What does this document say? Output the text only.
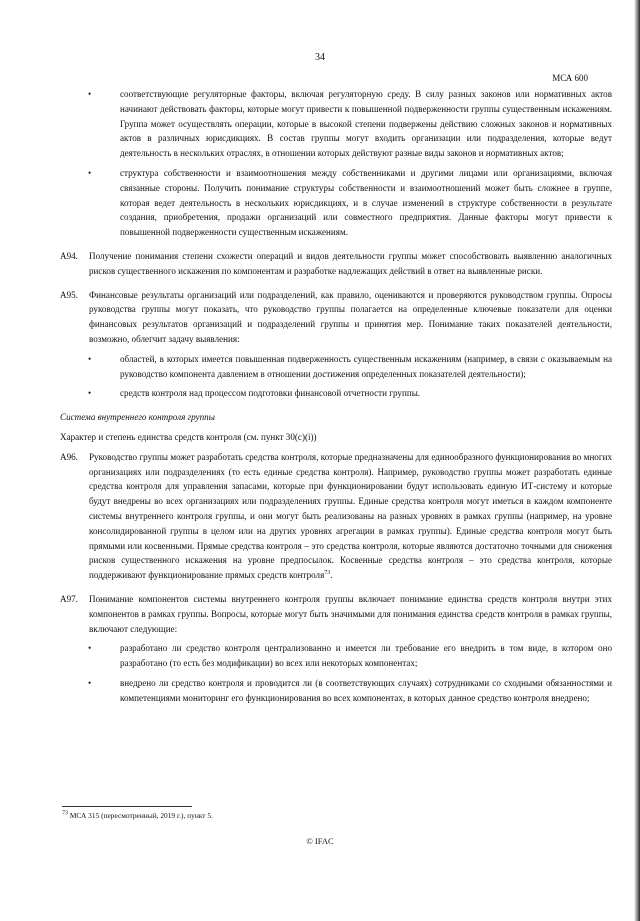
34
МСА 600
•	соответствующие регуляторные факторы, включая регуляторную среду. В силу разных законов или нормативных актов начинают действовать факторы, которые могут привести к повышенной подверженности группы существенным искажениям. Группа может осуществлять операции, которые в высокой степени подвержены действию сложных законов и нормативных актов в различных юрисдикциях. В состав группы могут входить организации или подразделения, которые ведут деятельность в нескольких отраслях, в отношении которых действуют разные виды законов и нормативных актов;
•	структура собственности и взаимоотношения между собственниками и другими лицами или организациями, включая связанные стороны. Получить понимание структуры собственности и взаимоотношений может быть сложнее в группе, которая ведет деятельность в нескольких юрисдикциях, и в случае изменений в структуре собственности в результате создания, приобретения, продажи организаций или совместного предприятия. Данные факторы могут привести к повышенной подверженности существенным искажениям.
А94. Получение понимания степени схожести операций и видов деятельности группы может способствовать выявлению аналогичных рисков существенного искажения по компонентам и разработке надлежащих действий в ответ на выявленные риски.
А95. Финансовые результаты организаций или подразделений, как правило, оцениваются и проверяются руководством группы. Опросы руководства группы могут показать, что руководство группы полагается на определенные ключевые показатели для оценки финансовых результатов организаций и подразделений группы и принятия мер. Понимание таких показателей деятельности, возможно, облегчит задачу выявления:
•	областей, в которых имеется повышенная подверженность существенным искажениям (например, в связи с оказываемым на руководство компонента давлением в отношении достижения определенных показателей деятельности);
•	средств контроля над процессом подготовки финансовой отчетности группы.
Система внутреннего контроля группы
Характер и степень единства средств контроля (см. пункт 30(c)(i))
А96. Руководство группы может разработать средства контроля, которые предназначены для единообразного функционирования во многих организациях или подразделениях (то есть единые средства контроля). Например, руководство группы может разработать единые средства контроля для управления запасами, которые при функционировании будут использовать единую ИТ-систему и которые будут внедрены во всех организациях или подразделениях группы. Единые средства контроля могут иметься в каждом компоненте системы внутреннего контроля группы, и они могут быть реализованы на разных уровнях в рамках группы (например, на уровне консолидированной группы в целом или на других уровнях агрегации в рамках группы). Единые средства контроля могут быть прямыми или косвенными. Прямые средства контроля – это средства контроля, которые являются достаточно точными для снижения рисков существенного искажения на уровне предпосылок. Косвенные средства контроля – это средства контроля, которые поддерживают функционирование прямых средств контроля$^{73}$.
А97. Понимание компонентов системы внутреннего контроля группы включает понимание единства средств контроля внутри этих компонентов в рамках группы. Вопросы, которые могут быть значимыми для понимания единства средств контроля в рамках группы, включают следующие:
•	разработано ли средство контроля централизованно и имеется ли требование его внедрить в том виде, в котором оно разработано (то есть без модификации) во всех или некоторых компонентах;
•	внедрено ли средство контроля и проводится ли (в соответствующих случаях) сотрудниками со сходными обязанностями и компетенциями мониторинг его функционирования во всех компонентах, в которых данное средство контроля внедрено;
$^{73}$ МСА 315 (пересмотренный, 2019 г.), пункт 5.
© IFAC
